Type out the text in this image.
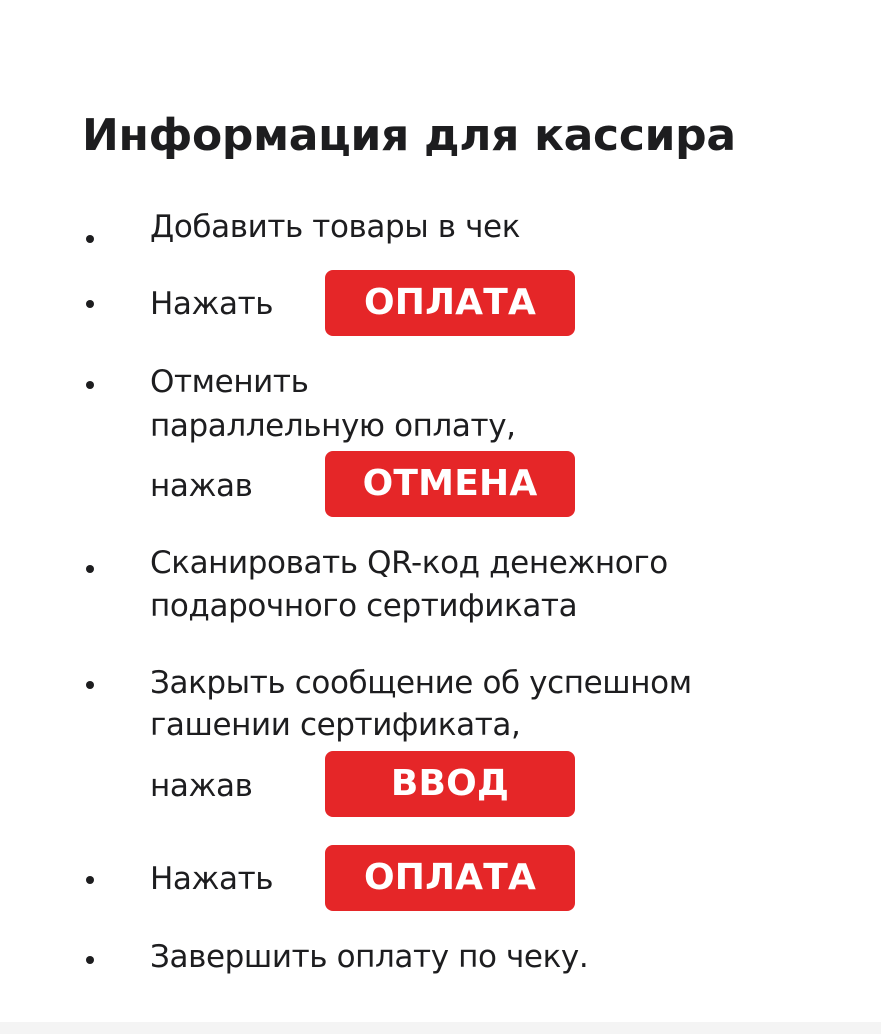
Информация для кассира

Добавить товары в чек

Нажать	ОПЛАТА

Отменить

параллельную оплату,

нажав	ОТМЕНА

Сканировать QR-код денежного

подарочного сертификата

Закрыть сообщение об успешном

гашении сертификата,

нажав	ВВОД

Нажать	ОПЛАТА

Завершить оплату по чеку.
